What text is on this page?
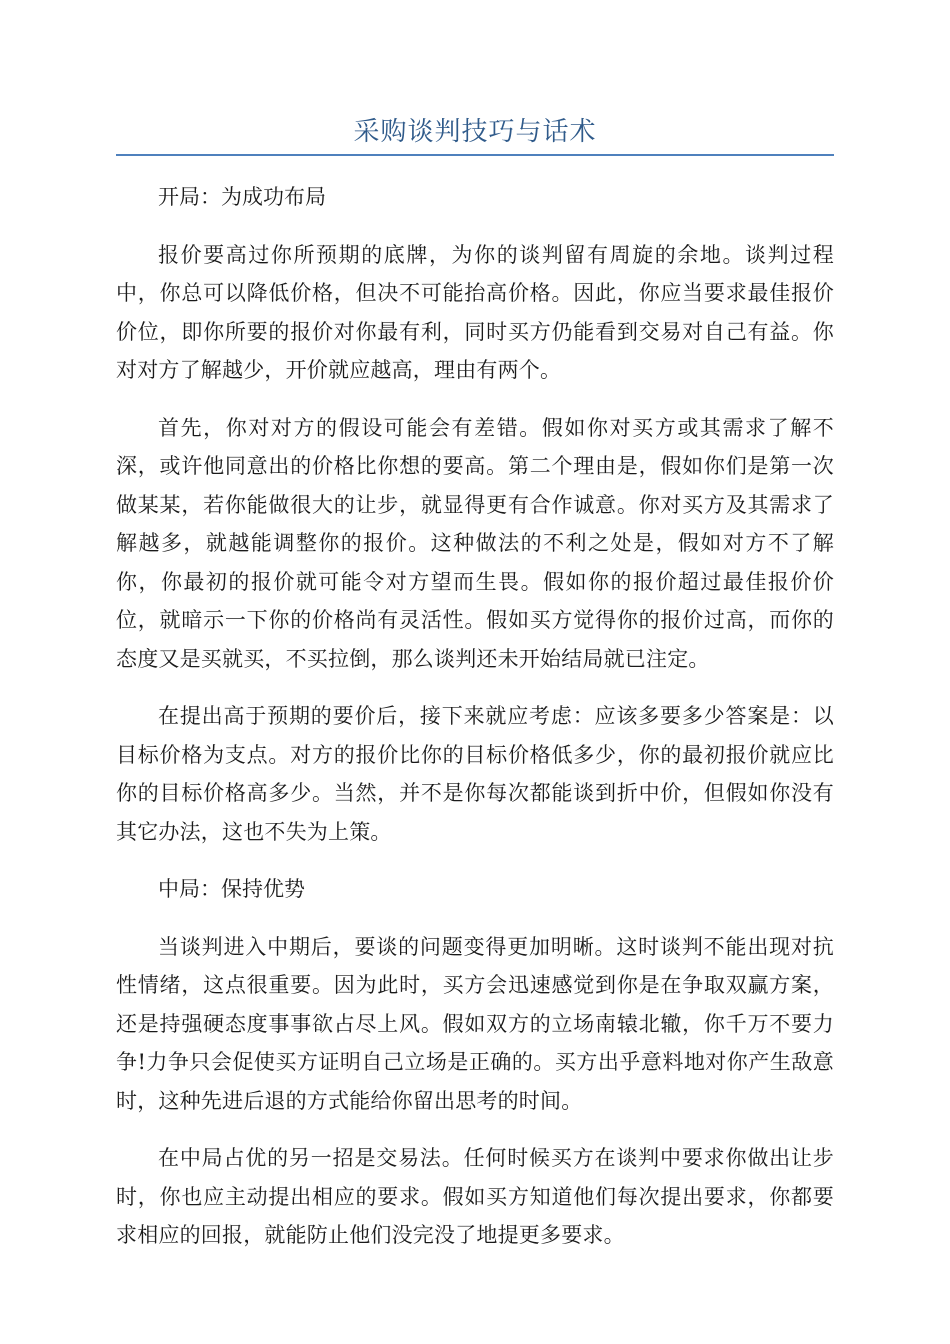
采购谈判技巧与话术

开局：为成功布局

报价要高过你所预期的底牌，为你的谈判留有周旋的余地。谈判过程中，你总可以降低价格，但决不可能抬高价格。因此，你应当要求最佳报价价位，即你所要的报价对你最有利，同时买方仍能看到交易对自己有益。你对对方了解越少，开价就应越高，理由有两个。

首先，你对对方的假设可能会有差错。假如你对买方或其需求了解不深，或许他同意出的价格比你想的要高。第二个理由是，假如你们是第一次做某某，若你能做很大的让步，就显得更有合作诚意。你对买方及其需求了解越多，就越能调整你的报价。这种做法的不利之处是，假如对方不了解你，你最初的报价就可能令对方望而生畏。假如你的报价超过最佳报价价位，就暗示一下你的价格尚有灵活性。假如买方觉得你的报价过高，而你的态度又是买就买，不买拉倒，那么谈判还未开始结局就已注定。

在提出高于预期的要价后，接下来就应考虑：应该多要多少答案是：以目标价格为支点。对方的报价比你的目标价格低多少，你的最初报价就应比你的目标价格高多少。当然，并不是你每次都能谈到折中价，但假如你没有其它办法，这也不失为上策。

中局：保持优势

当谈判进入中期后，要谈的问题变得更加明晰。这时谈判不能出现对抗性情绪，这点很重要。因为此时，买方会迅速感觉到你是在争取双赢方案，还是持强硬态度事事欲占尽上风。假如双方的立场南辕北辙，你千万不要力争!力争只会促使买方证明自己立场是正确的。买方出乎意料地对你产生敌意时，这种先进后退的方式能给你留出思考的时间。

在中局占优的另一招是交易法。任何时候买方在谈判中要求你做出让步时，你也应主动提出相应的要求。假如买方知道他们每次提出要求，你都要求相应的回报，就能防止他们没完没了地提更多要求。
